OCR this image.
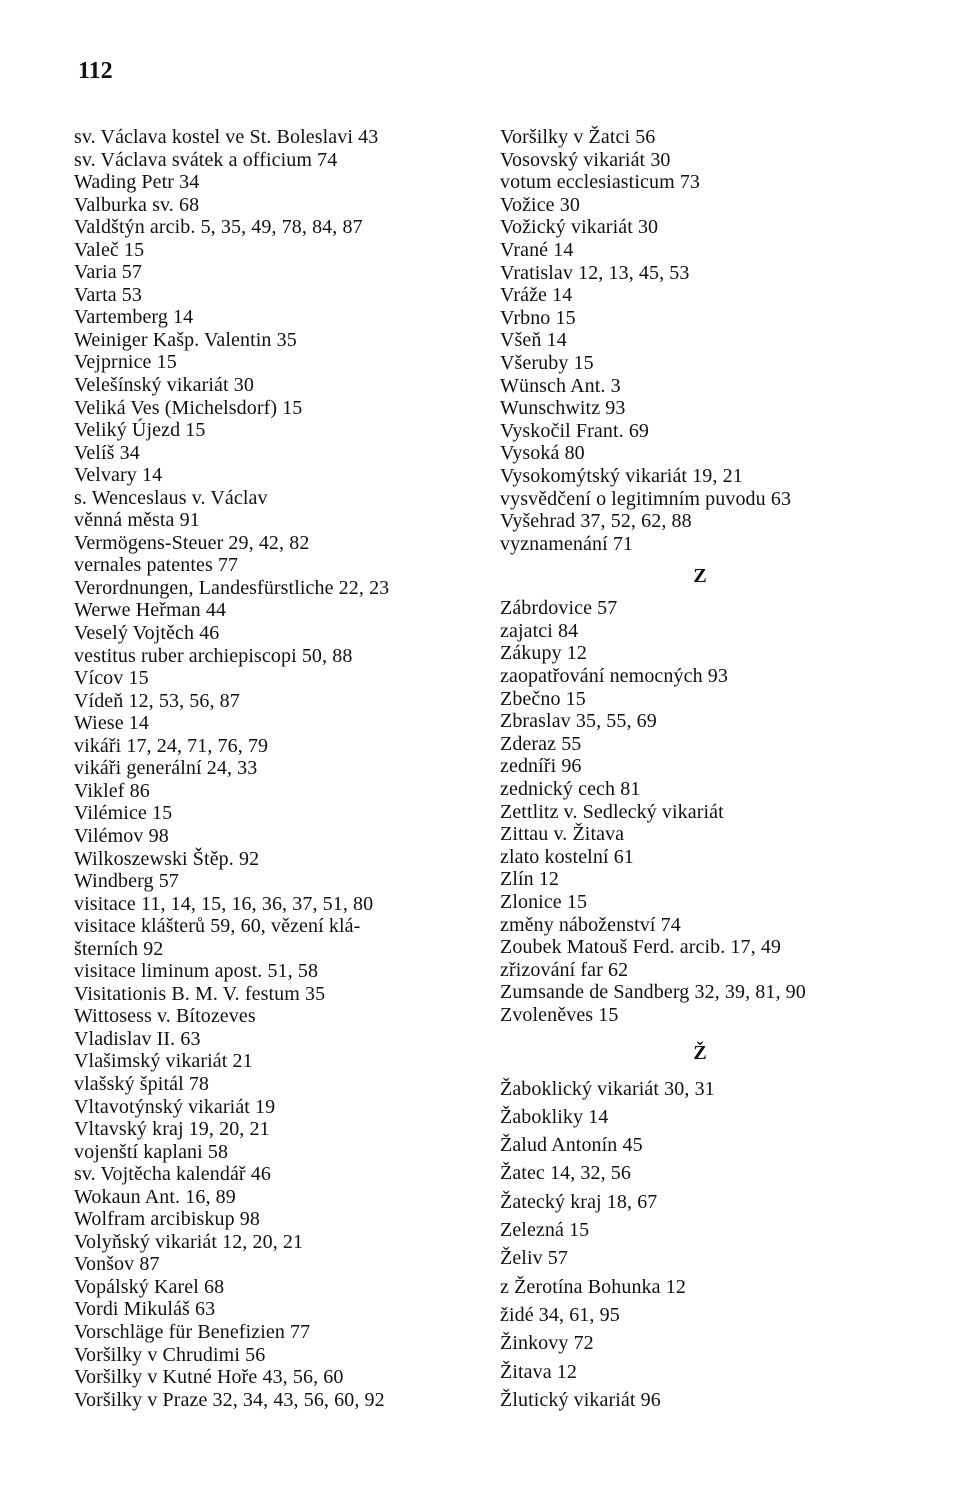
112
sv. Václava kostel ve St. Boleslavi 43
sv. Václava svátek a officium 74
Wading Petr 34
Valburka sv. 68
Valdštýn arcib. 5, 35, 49, 78, 84, 87
Valeč 15
Varia 57
Varta 53
Vartemberg 14
Weiniger Kašp. Valentin 35
Vejprnice 15
Velešínský vikariát 30
Veliká Ves (Michelsdorf) 15
Veliký Újezd 15
Velíš 34
Velvary 14
s. Wenceslaus v. Václav
věnná města 91
Vermögens-Steuer 29, 42, 82
vernales patentes 77
Verordnungen, Landesfürstliche 22, 23
Werwe Heřman 44
Veselý Vojtěch 46
vestitus ruber archiepiscopi 50, 88
Vícov 15
Vídeň 12, 53, 56, 87
Wiese 14
vikáři 17, 24, 71, 76, 79
vikáři generální 24, 33
Viklef 86
Vilémice 15
Vilémov 98
Wilkoszewski Štěp. 92
Windberg 57
visitace 11, 14, 15, 16, 36, 37, 51, 80
visitace klášterů 59, 60, vězení klá-
šterních 92
visitace liminum apost. 51, 58
Visitationis B. M. V. festum 35
Wittosess v. Bítozeves
Vladislav II. 63
Vlašimský vikariát 21
vlašský špitál 78
Vltavotýnský vikariát 19
Vltavský kraj 19, 20, 21
vojenští kaplani 58
sv. Vojtěcha kalendář 46
Wokaun Ant. 16, 89
Wolfram arcibiskup 98
Volyňský vikariát 12, 20, 21
Vonšov 87
Vopálský Karel 68
Vordi Mikuláš 63
Vorschläge für Benefizien 77
Voršilky v Chrudimi 56
Voršilky v Kutné Hoře 43, 56, 60
Voršilky v Praze 32, 34, 43, 56, 60, 92
Voršilky v Žatci 56
Vosovský vikariát 30
votum ecclesiasticum 73
Vožice 30
Vožický vikariát 30
Vrané 14
Vratislav 12, 13, 45, 53
Vráže 14
Vrbno 15
Všeň 14
Všeruby 15
Wünsch Ant. 3
Wunschwitz 93
Vyskočil Frant. 69
Vysoká 80
Vysokomýtský vikariát 19, 21
vysvědčení o legitimním puvodu 63
Vyšehrad 37, 52, 62, 88
vyznamenání 71
Z
Zábrdovice 57
zajatci 84
Zákupy 12
zaopatřování nemocných 93
Zbečno 15
Zbraslav 35, 55, 69
Zderaz 55
zedníři 96
zednický cech 81
Zettlitz v. Sedlecký vikariát
Zittau v. Žitava
zlato kostelní 61
Zlín 12
Zlonice 15
změny náboženství 74
Zoubek Matouš Ferd. arcib. 17, 49
zřizování far 62
Zumsande de Sandberg 32, 39, 81, 90
Zvoleněves 15
Ž
Žaboklický vikariát 30, 31
Žabokliky 14
Žalud Antonín 45
Žatec 14, 32, 56
Žatecký kraj 18, 67
Zelezná 15
Želiv 57
z Žerotína Bohunka 12
židé 34, 61, 95
Žinkovy 72
Žitava 12
Žlutický vikariát 96
